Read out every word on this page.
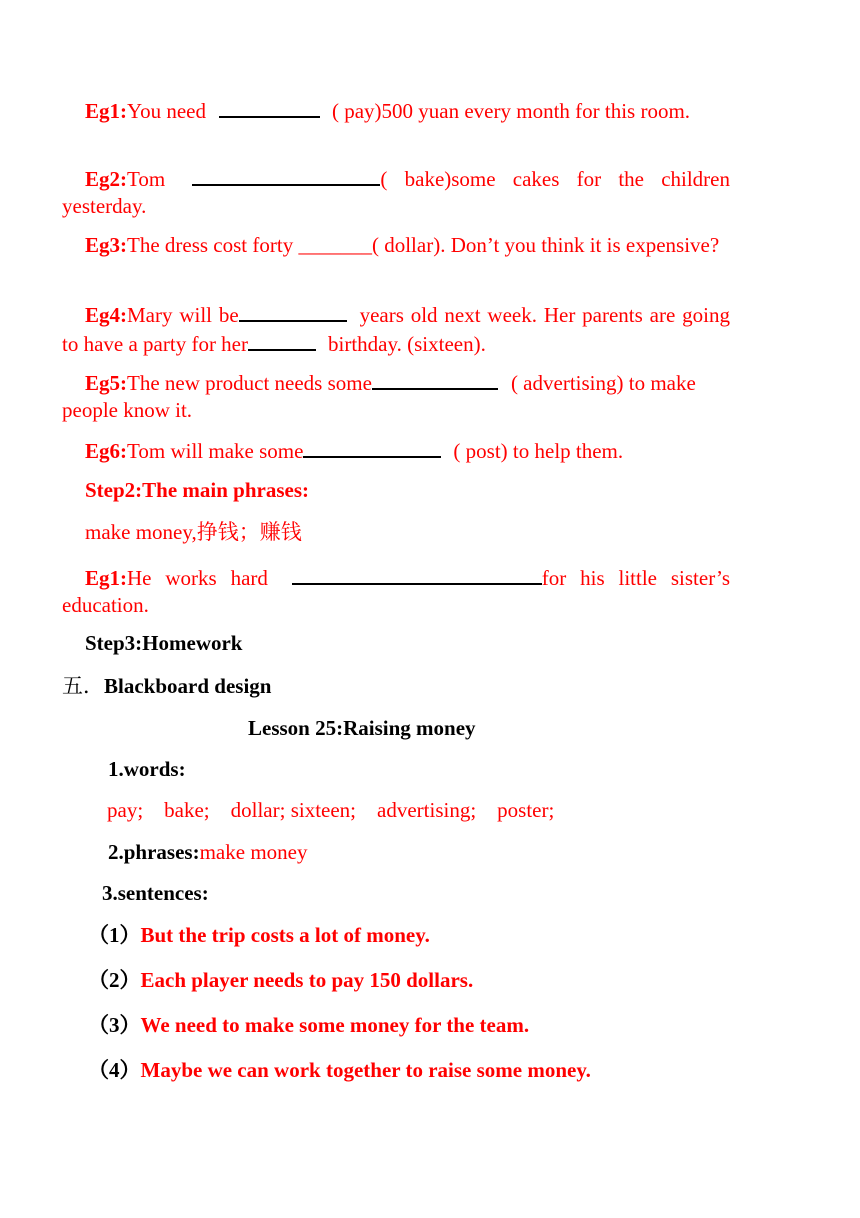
Eg1:You need	( pay)500 yuan every month for this room.
Eg2:Tom	( bake)some cakes for the children yesterday.
Eg3:The dress cost forty _______( dollar). Don’t you think it is expensive?
Eg4:Mary will be	years old next week. Her parents are going to have a party for her	birthday. (sixteen).
Eg5:The new product needs some	( advertising) to make people know it.
Eg6:Tom will make some	( post) to help them.
Step2:The main phrases:
make money,挣钱；赚钱
Eg1:He works hard	for his little sister’s education.
Step3:Homework
五．Blackboard design
Lesson 25:Raising money
1.words:
pay;    bake;    dollar; sixteen;    advertising;    poster;
2.phrases:make money
3.sentences:
（1）But the trip costs a lot of money.
（2）Each player needs to pay 150 dollars.
（3）We need to make some money for the team.
（4）Maybe we can work together to raise some money.
